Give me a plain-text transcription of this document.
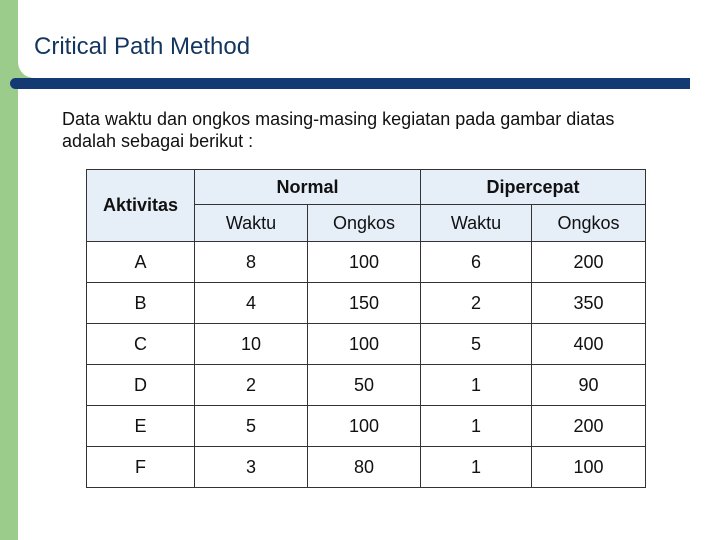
Critical Path Method

Data waktu dan ongkos masing-masing kegiatan pada gambar diatas adalah sebagai berikut :

Aktivitas	Normal		Dipercepat	
	Waktu	Ongkos	Waktu	Ongkos
A	8	100	6	200
B	4	150	2	350
C	10	100	5	400
D	2	50	1	90
E	5	100	1	200
F	3	80	1	100
